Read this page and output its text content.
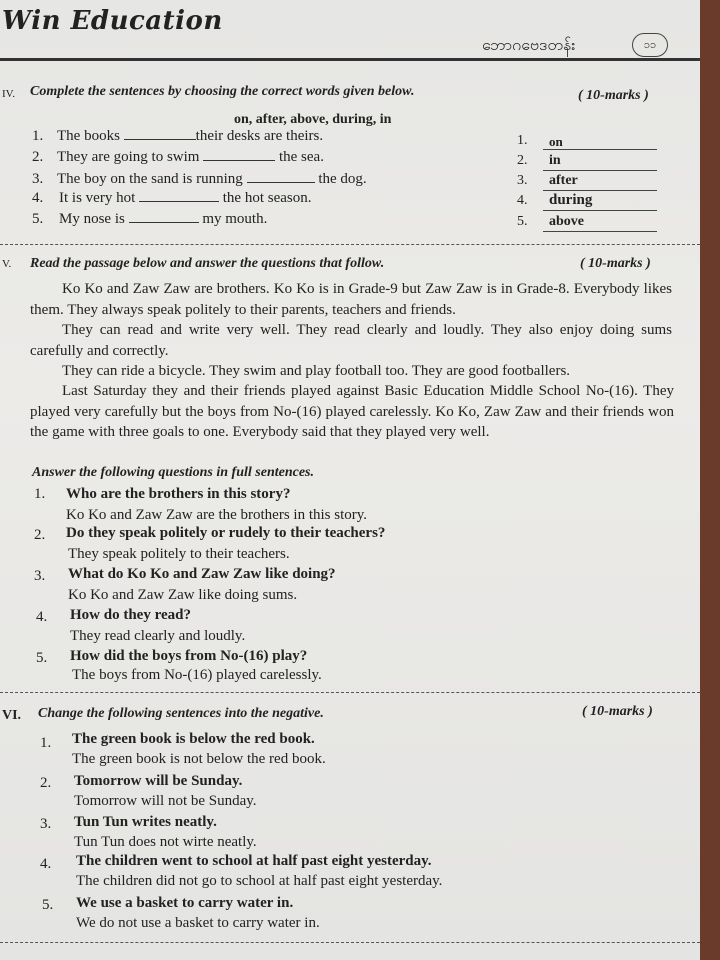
Win Education
ဘောဂဗေဒတန်း	၁၁
IV. Complete the sentences by choosing the correct words given below.	( 10-marks )
on, after, above, during, in
1. The books	their desks are theirs.
2. They are going to swim	the sea.
3. The boy on the sand is running	the dog.
4. It is very hot	the hot season.
5. My nose is	my mouth.
1. on
2. in
3. after
4. during
5. above
V. Read the passage below and answer the questions that follow.	( 10-marks )
Ko Ko and Zaw Zaw are brothers. Ko Ko is in Grade-9 but Zaw Zaw is in Grade-8. Everybody likes them. They always speak politely to their parents, teachers and friends.
They can read and write very well. They read clearly and loudly. They also enjoy doing sums carefully and correctly.
They can ride a bicycle. They swim and play football too. They are good footballers.
Last Saturday they and their friends played against Basic Education Middle School No-(16). They played very carefully but the boys from No-(16) played carelessly. Ko Ko, Zaw Zaw and their friends won the game with three goals to one. Everybody said that they played very well.
Answer the following questions in full sentences.
1. Who are the brothers in this story?
Ko Ko and Zaw Zaw are the brothers in this story.
2. Do they speak politely or rudely to their teachers?
They speak politely to their teachers.
3. What do Ko Ko and Zaw Zaw like doing?
Ko Ko and Zaw Zaw like doing sums.
4. How do they read?
They read clearly and loudly.
5. How did the boys from No-(16) play?
The boys from No-(16) played carelessly.
VI. Change the following sentences into the negative.	( 10-marks )
1. The green book is below the red book.
The green book is not below the red book.
2. Tomorrow will be Sunday.
Tomorrow will not be Sunday.
3. Tun Tun writes neatly.
Tun Tun does not wirte neatly.
4. The children went to school at half past eight yesterday.
The children did not go to school at half past eight yesterday.
5. We use a basket to carry water in.
We do not use a basket to carry water in.
